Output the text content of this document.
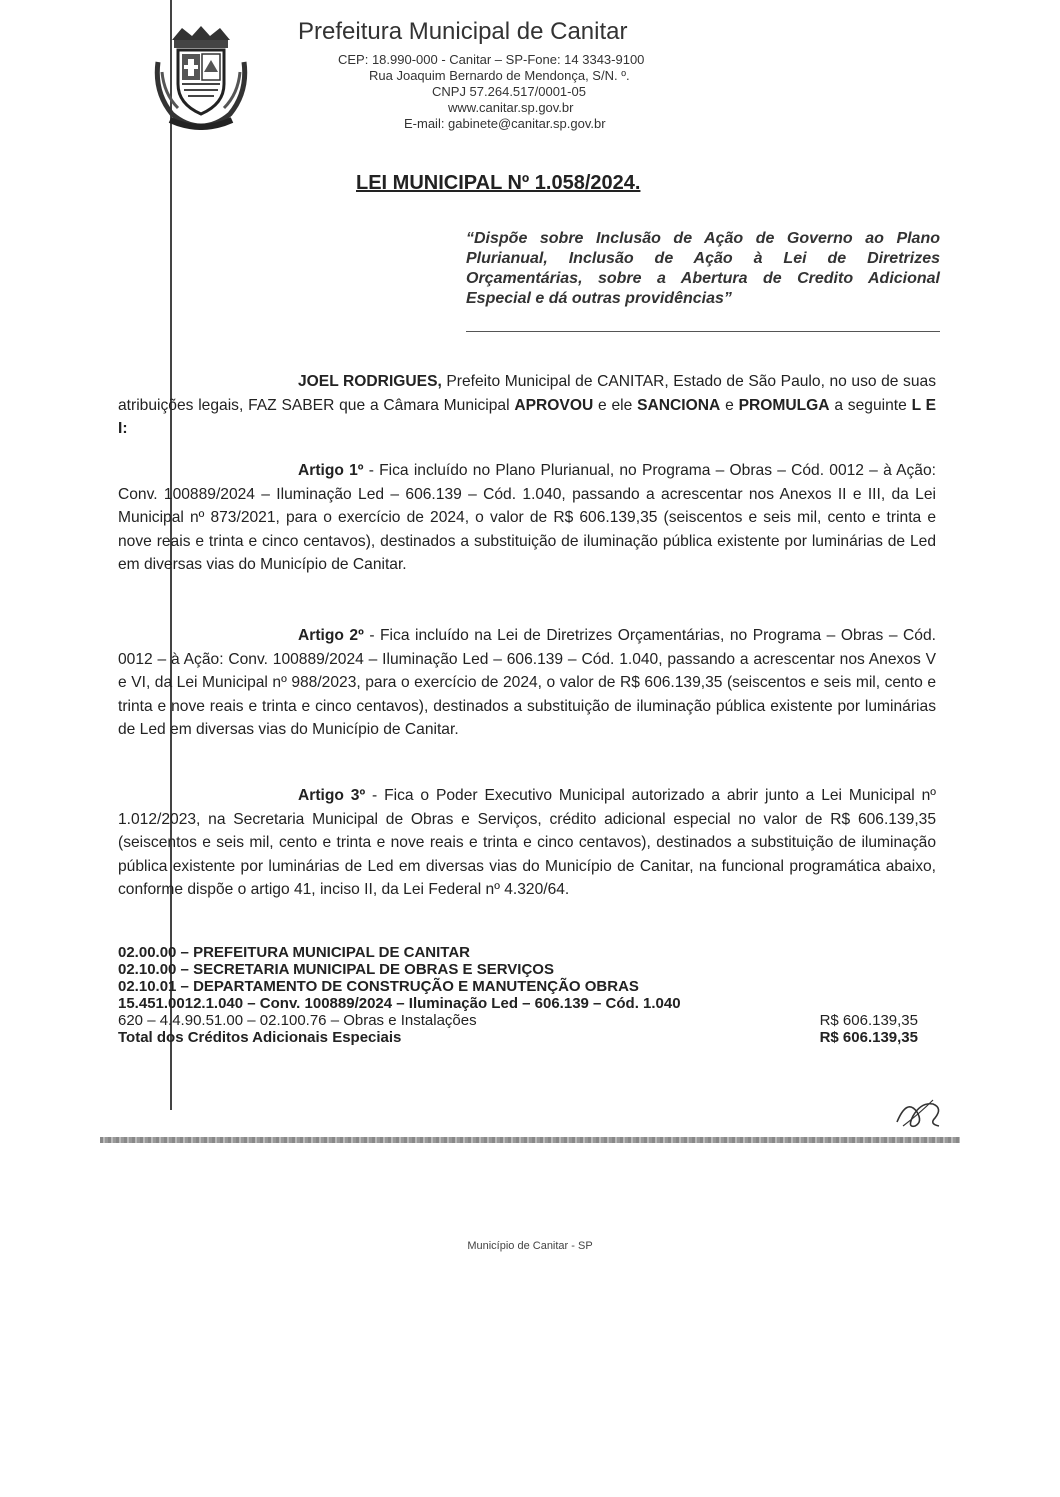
Prefeitura Municipal de Canitar
CEP: 18.990-000 - Canitar – SP-Fone: 14 3343-9100
Rua Joaquim Bernardo de Mendonça, S/N. º.
CNPJ 57.264.517/0001-05
www.canitar.sp.gov.br
E-mail: gabinete@canitar.sp.gov.br
LEI MUNICIPAL Nº 1.058/2024.
“Dispõe sobre Inclusão de Ação de Governo ao Plano Plurianual, Inclusão de Ação à Lei de Diretrizes Orçamentárias, sobre a Abertura de Credito Adicional Especial e dá outras providências”
JOEL RODRIGUES, Prefeito Municipal de CANITAR, Estado de São Paulo, no uso de suas atribuições legais, FAZ SABER que a Câmara Municipal APROVOU e ele SANCIONA e PROMULGA a seguinte L E I:
Artigo 1º - Fica incluído no Plano Plurianual, no Programa – Obras – Cód. 0012 – à Ação: Conv. 100889/2024 – Iluminação Led – 606.139 – Cód. 1.040, passando a acrescentar nos Anexos II e III, da Lei Municipal nº 873/2021, para o exercício de 2024, o valor de R$ 606.139,35 (seiscentos e seis mil, cento e trinta e nove reais e trinta e cinco centavos), destinados a substituição de iluminação pública existente por luminárias de Led em diversas vias do Município de Canitar.
Artigo 2º - Fica incluído na Lei de Diretrizes Orçamentárias, no Programa – Obras – Cód. 0012 – à Ação: Conv. 100889/2024 – Iluminação Led – 606.139 – Cód. 1.040, passando a acrescentar nos Anexos V e VI, da Lei Municipal nº 988/2023, para o exercício de 2024, o valor de R$ 606.139,35 (seiscentos e seis mil, cento e trinta e nove reais e trinta e cinco centavos), destinados a substituição de iluminação pública existente por luminárias de Led em diversas vias do Município de Canitar.
Artigo 3º - Fica o Poder Executivo Municipal autorizado a abrir junto a Lei Municipal nº 1.012/2023, na Secretaria Municipal de Obras e Serviços, crédito adicional especial no valor de R$ 606.139,35 (seiscentos e seis mil, cento e trinta e nove reais e trinta e cinco centavos), destinados a substituição de iluminação pública existente por luminárias de Led em diversas vias do Município de Canitar, na funcional programática abaixo, conforme dispõe o artigo 41, inciso II, da Lei Federal nº 4.320/64.
02.00.00 – PREFEITURA MUNICIPAL DE CANITAR
02.10.00 – SECRETARIA MUNICIPAL DE OBRAS E SERVIÇOS
02.10.01 – DEPARTAMENTO DE CONSTRUÇÃO E MANUTENÇÃO OBRAS
15.451.0012.1.040 – Conv. 100889/2024 – Iluminação Led – 606.139 – Cód. 1.040
620 – 4.4.90.51.00 – 02.100.76 – Obras e Instalações	R$ 606.139,35
Total dos Créditos Adicionais Especiais	R$ 606.139,35
Município de Canitar - SP
